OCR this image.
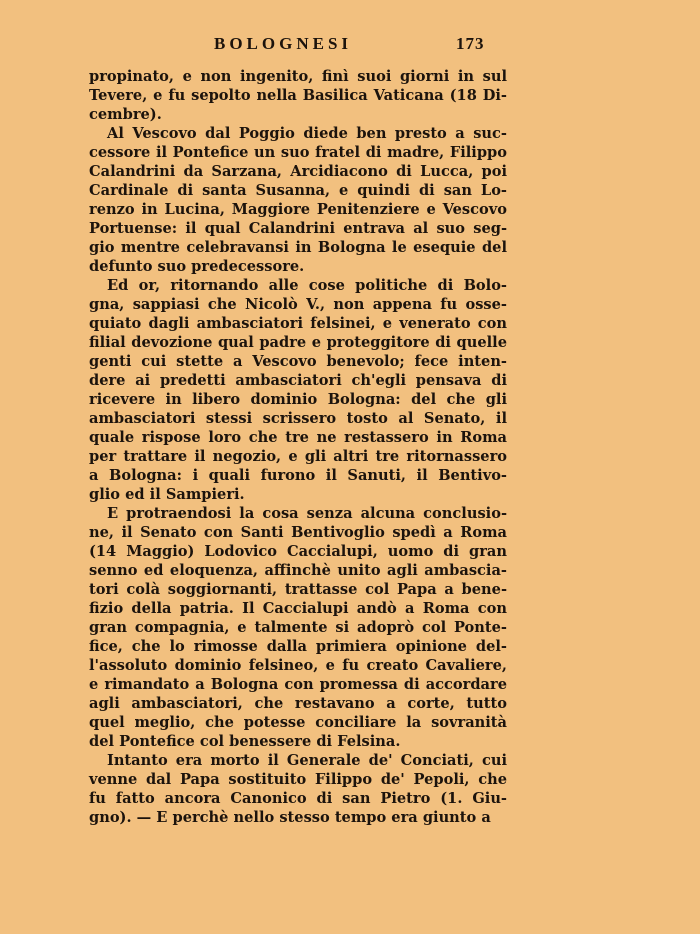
BOLOGNESI	173
propinato, e non ingenito, finì suoi giorni in sul
Tevere, e fu sepolto nella Basilica Vaticana (18 Di-
cembre).
Al Vescovo dal Poggio diede ben presto a suc-
cessore il Pontefice un suo fratel di madre, Filippo
Calandrini da Sarzana, Arcidiacono di Lucca, poi
Cardinale di santa Susanna, e quindi di san Lo-
renzo in Lucina, Maggiore Penitenziere e Vescovo
Portuense: il qual Calandrini entrava al suo seg-
gio mentre celebravansi in Bologna le esequie del
defunto suo predecessore.
Ed or, ritornando alle cose politiche di Bolo-
gna, sappiasi che Nicolò V., non appena fu osse-
quiato dagli ambasciatori felsinei, e venerato con
filial devozione qual padre e proteggitore di quelle
genti cui stette a Vescovo benevolo; fece inten-
dere ai predetti ambasciatori ch'egli pensava di
ricevere in libero dominio Bologna: del che gli
ambasciatori stessi scrissero tosto al Senato, il
quale rispose loro che tre ne restassero in Roma
per trattare il negozio, e gli altri tre ritornassero
a Bologna: i quali furono il Sanuti, il Bentivo-
glio ed il Sampieri.
E protraendosi la cosa senza alcuna conclusio-
ne, il Senato con Santi Bentivoglio spedì a Roma
(14 Maggio) Lodovico Caccialupi, uomo di gran
senno ed eloquenza, affinchè unito agli ambascia-
tori colà soggiornanti, trattasse col Papa a bene-
fizio della patria. Il Caccialupi andò a Roma con
gran compagnia, e talmente si adoprò col Ponte-
fice, che lo rimosse dalla primiera opinione del-
l'assoluto dominio felsineo, e fu creato Cavaliere,
e rimandato a Bologna con promessa di accordare
agli ambasciatori, che restavano a corte, tutto
quel meglio, che potesse conciliare la sovranità
del Pontefice col benessere di Felsina.
Intanto era morto il Generale de' Conciati, cui
venne dal Papa sostituito Filippo de' Pepoli, che
fu fatto ancora Canonico di san Pietro (1. Giu-
gno). — E perchè nello stesso tempo era giunto a
